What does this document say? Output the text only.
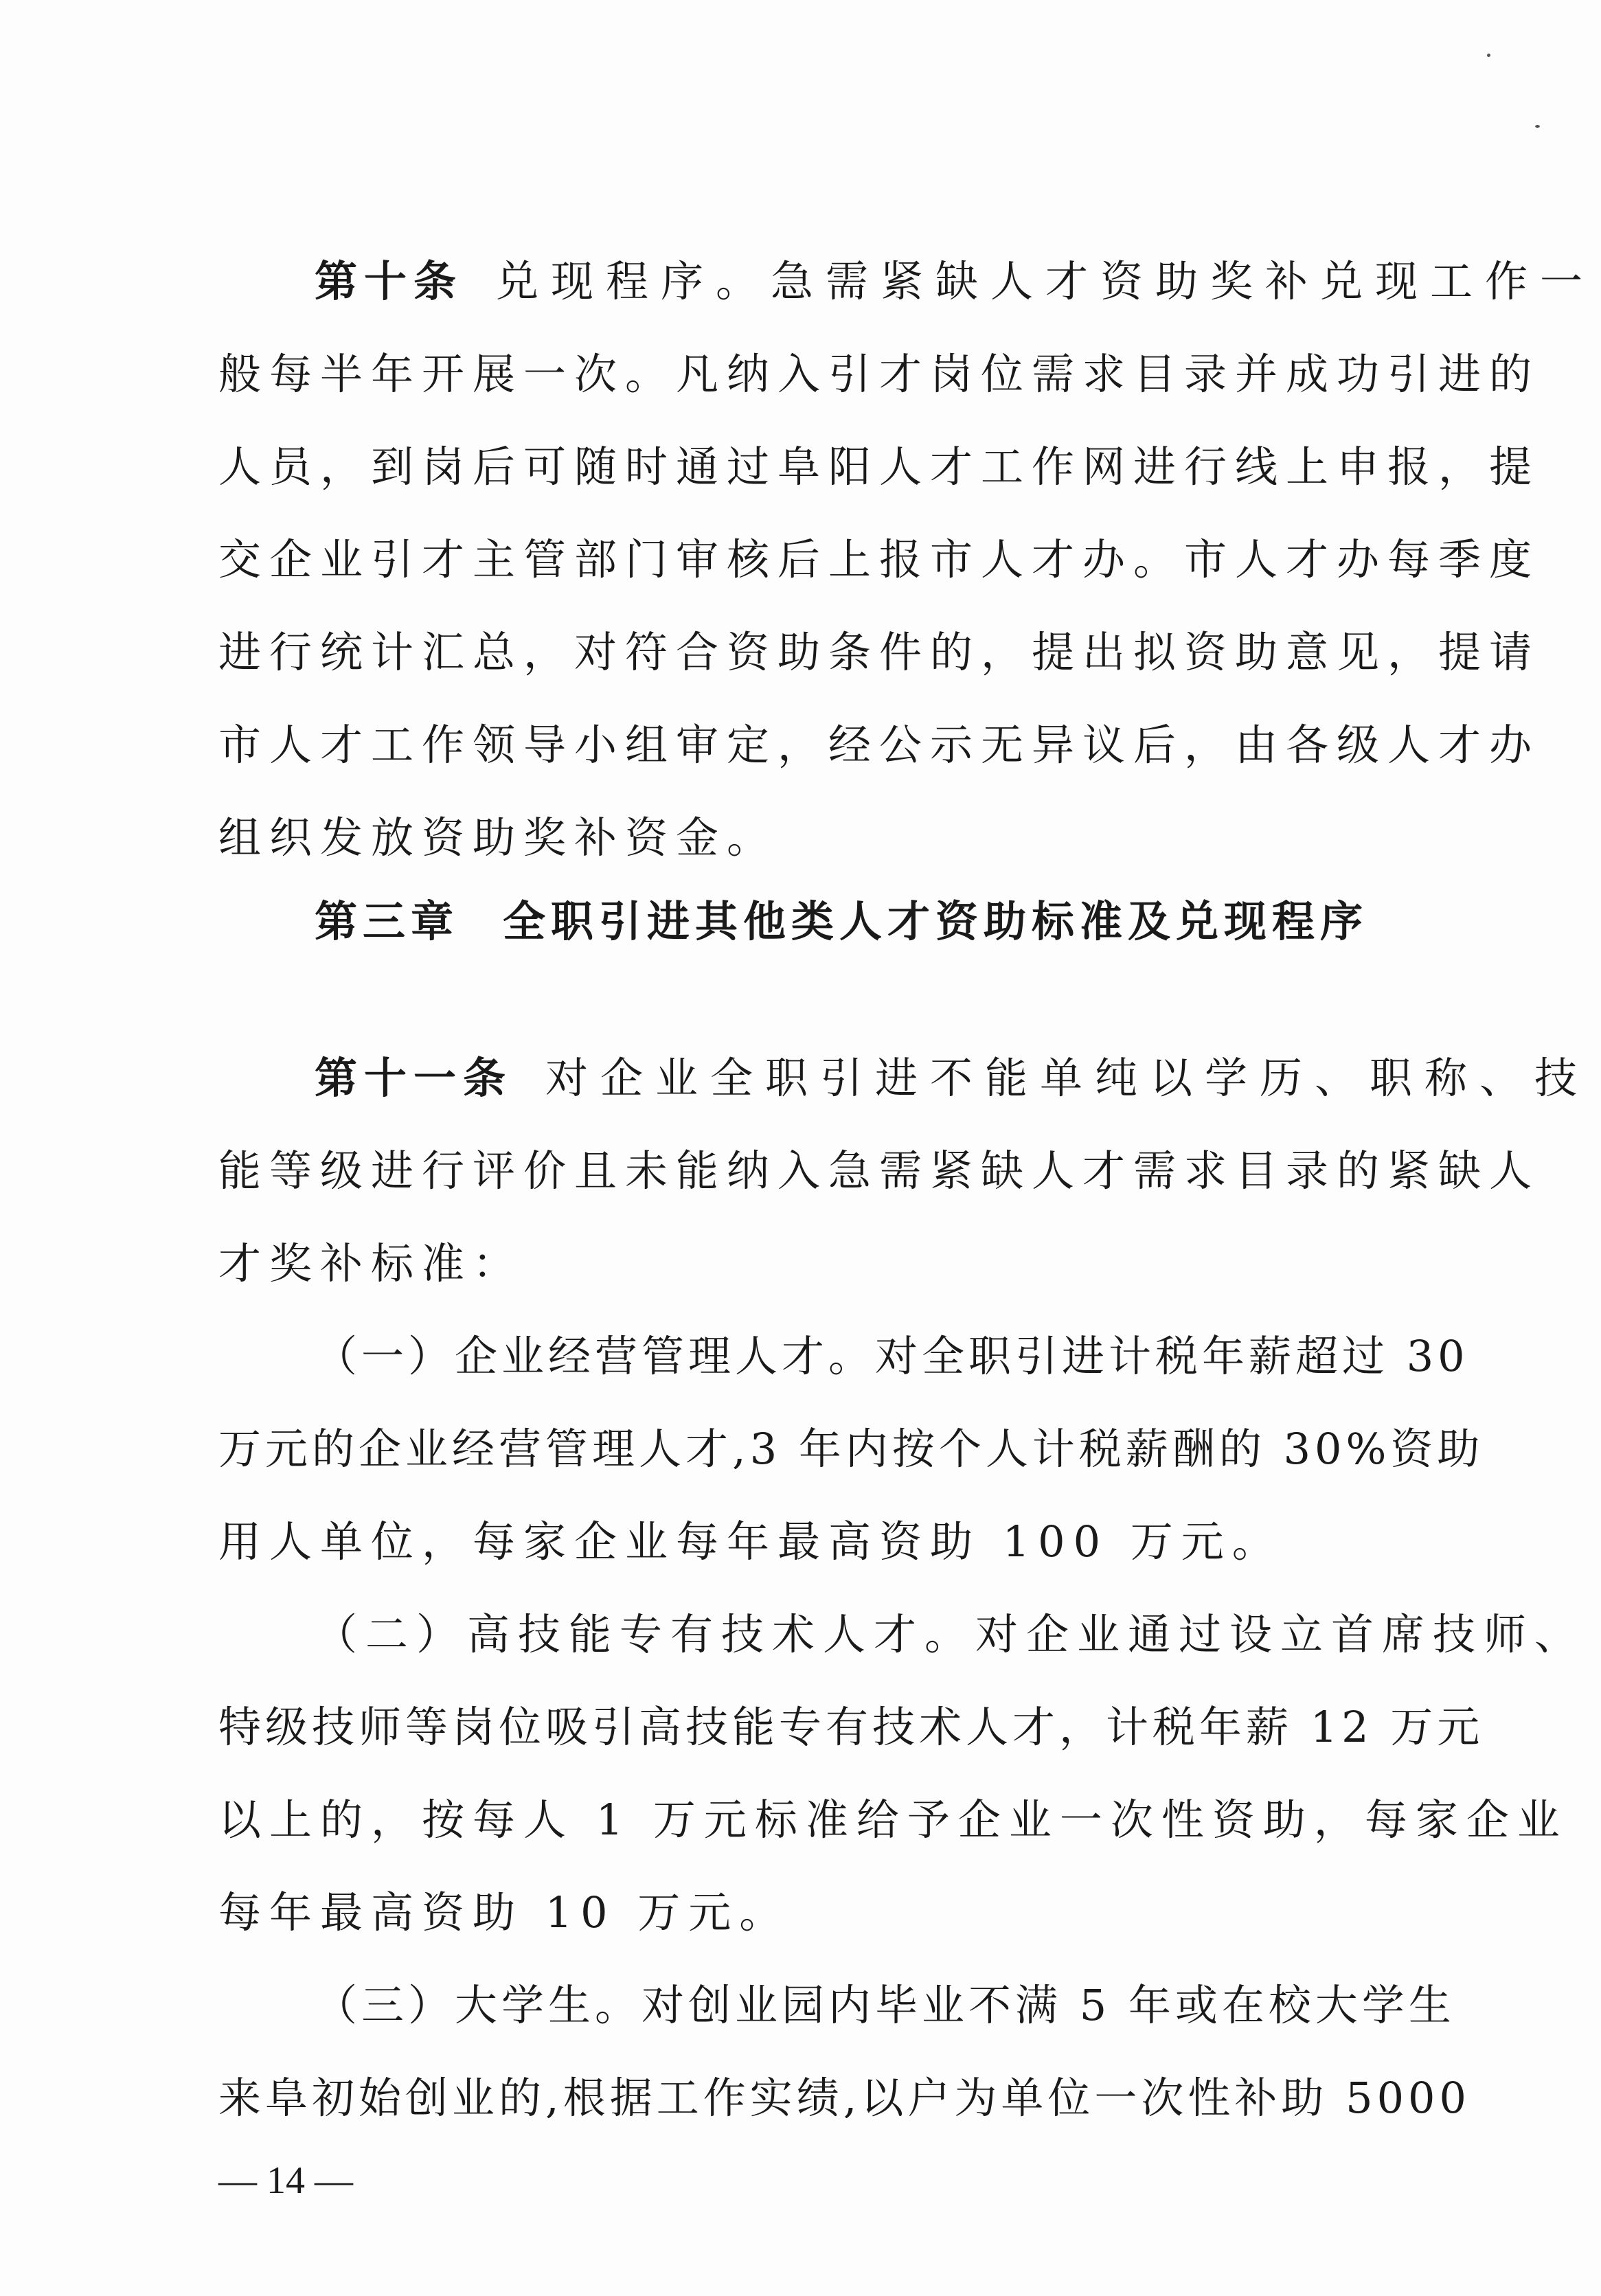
第十条 兑现程序。急需紧缺人才资助奖补兑现工作一
般每半年开展一次。凡纳入引才岗位需求目录并成功引进的
人员，到岗后可随时通过阜阳人才工作网进行线上申报，提
交企业引才主管部门审核后上报市人才办。市人才办每季度
进行统计汇总，对符合资助条件的，提出拟资助意见，提请
市人才工作领导小组审定，经公示无异议后，由各级人才办
组织发放资助奖补资金。
第三章 全职引进其他类人才资助标准及兑现程序
第十一条 对企业全职引进不能单纯以学历、职称、技
能等级进行评价且未能纳入急需紧缺人才需求目录的紧缺人
才奖补标准：
（一）企业经营管理人才。对全职引进计税年薪超过 30
万元的企业经营管理人才,3 年内按个人计税薪酬的 30%资助
用人单位，每家企业每年最高资助 100 万元。
（二）高技能专有技术人才。对企业通过设立首席技师、
特级技师等岗位吸引高技能专有技术人才，计税年薪 12 万元
以上的，按每人 1 万元标准给予企业一次性资助，每家企业
每年最高资助 10 万元。
（三）大学生。对创业园内毕业不满 5 年或在校大学生
来阜初始创业的,根据工作实绩,以户为单位一次性补助 5000
— 14 —
